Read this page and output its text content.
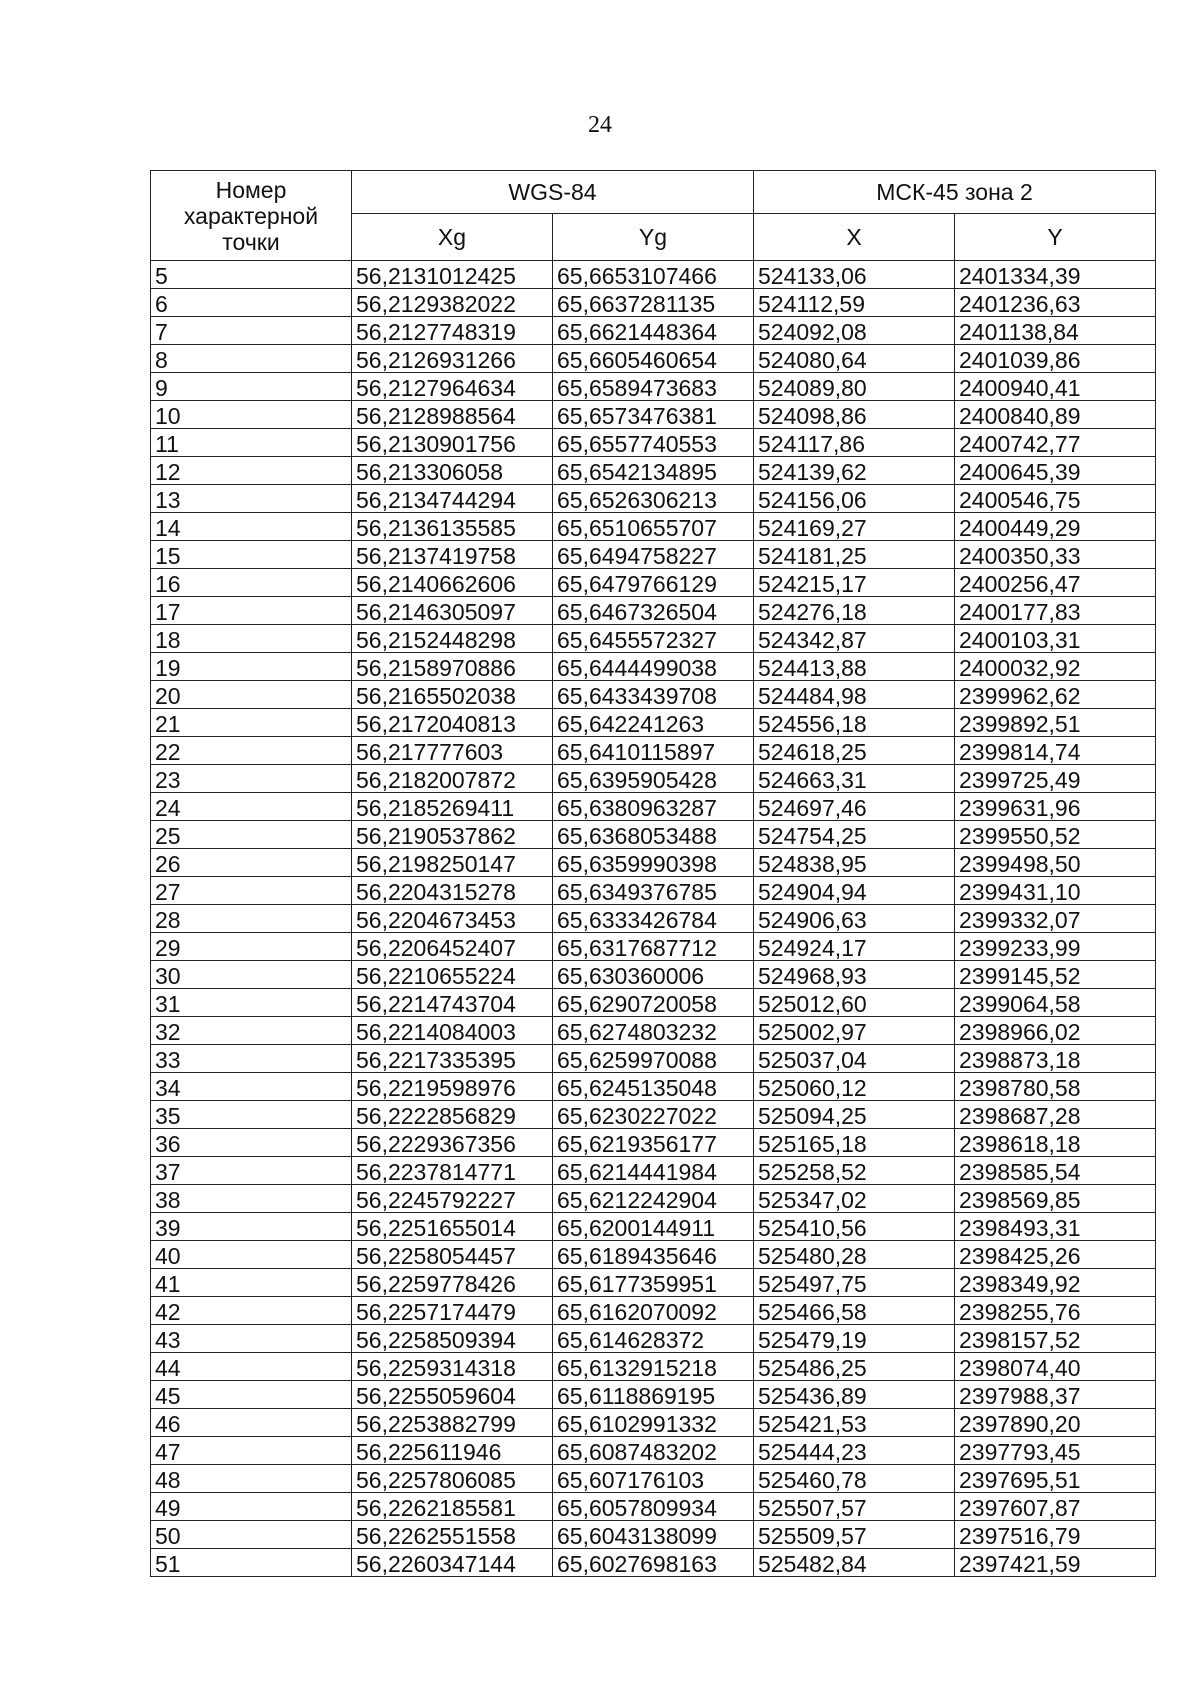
24
Номер
характерной
точки	WGS-84		МСК-45 зона 2	
	Xg	Yg	X	Y
5	56,2131012425	65,6653107466	524133,06	2401334,39
6	56,2129382022	65,6637281135	524112,59	2401236,63
7	56,2127748319	65,6621448364	524092,08	2401138,84
8	56,2126931266	65,6605460654	524080,64	2401039,86
9	56,2127964634	65,6589473683	524089,80	2400940,41
10	56,2128988564	65,6573476381	524098,86	2400840,89
11	56,2130901756	65,6557740553	524117,86	2400742,77
12	56,213306058	65,6542134895	524139,62	2400645,39
13	56,2134744294	65,6526306213	524156,06	2400546,75
14	56,2136135585	65,6510655707	524169,27	2400449,29
15	56,2137419758	65,6494758227	524181,25	2400350,33
16	56,2140662606	65,6479766129	524215,17	2400256,47
17	56,2146305097	65,6467326504	524276,18	2400177,83
18	56,2152448298	65,6455572327	524342,87	2400103,31
19	56,2158970886	65,6444499038	524413,88	2400032,92
20	56,2165502038	65,6433439708	524484,98	2399962,62
21	56,2172040813	65,642241263	524556,18	2399892,51
22	56,217777603	65,6410115897	524618,25	2399814,74
23	56,2182007872	65,6395905428	524663,31	2399725,49
24	56,2185269411	65,6380963287	524697,46	2399631,96
25	56,2190537862	65,6368053488	524754,25	2399550,52
26	56,2198250147	65,6359990398	524838,95	2399498,50
27	56,2204315278	65,6349376785	524904,94	2399431,10
28	56,2204673453	65,6333426784	524906,63	2399332,07
29	56,2206452407	65,6317687712	524924,17	2399233,99
30	56,2210655224	65,630360006	524968,93	2399145,52
31	56,2214743704	65,6290720058	525012,60	2399064,58
32	56,2214084003	65,6274803232	525002,97	2398966,02
33	56,2217335395	65,6259970088	525037,04	2398873,18
34	56,2219598976	65,6245135048	525060,12	2398780,58
35	56,2222856829	65,6230227022	525094,25	2398687,28
36	56,2229367356	65,6219356177	525165,18	2398618,18
37	56,2237814771	65,6214441984	525258,52	2398585,54
38	56,2245792227	65,6212242904	525347,02	2398569,85
39	56,2251655014	65,6200144911	525410,56	2398493,31
40	56,2258054457	65,6189435646	525480,28	2398425,26
41	56,2259778426	65,6177359951	525497,75	2398349,92
42	56,2257174479	65,6162070092	525466,58	2398255,76
43	56,2258509394	65,614628372	525479,19	2398157,52
44	56,2259314318	65,6132915218	525486,25	2398074,40
45	56,2255059604	65,6118869195	525436,89	2397988,37
46	56,2253882799	65,6102991332	525421,53	2397890,20
47	56,225611946	65,6087483202	525444,23	2397793,45
48	56,2257806085	65,607176103	525460,78	2397695,51
49	56,2262185581	65,6057809934	525507,57	2397607,87
50	56,2262551558	65,6043138099	525509,57	2397516,79
51	56,2260347144	65,6027698163	525482,84	2397421,59
